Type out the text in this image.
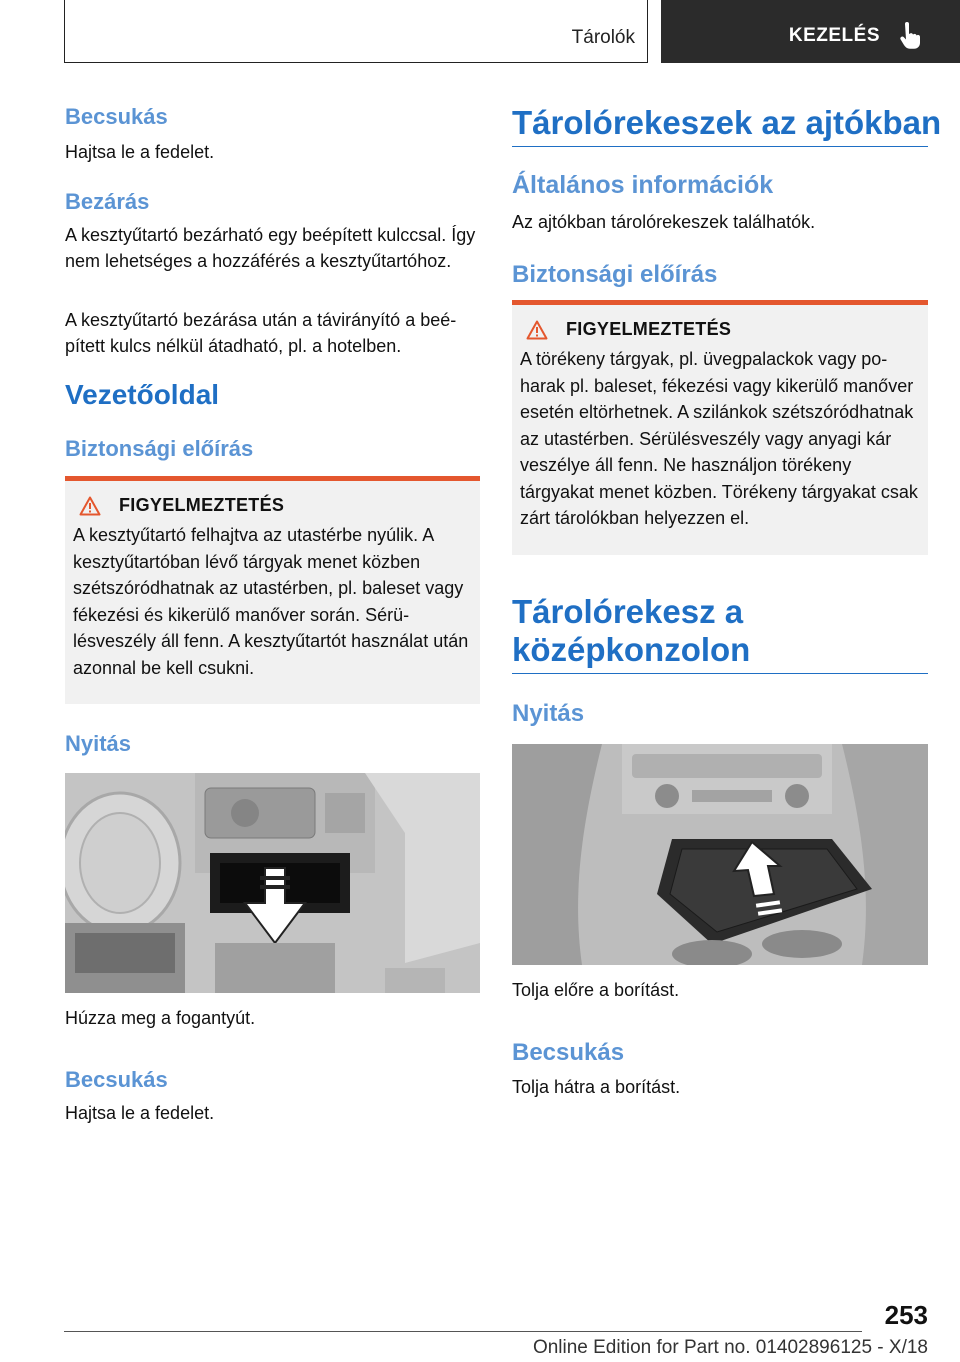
Tárolók	KEZELÉS
Becsukás

Hajtsa le a fedelet.

Bezárás

A kesztyűtartó bezárható egy beépített kulccsal. Így nem lehetséges a hozzáférés a kesztyűtartóhoz.

A kesztyűtartó bezárása után a távirányító a beépített kulcs nélkül átadható, pl. a hotelben.

Vezetőoldal
Biztonsági előírás
FIGYELMEZTETÉS

A kesztyűtartó felhajtva az utastérbe nyúlik. A kesztyűtartóban lévő tárgyak menet közben szétszóródhatnak az utastérben, pl. baleset vagy fékezési és kikerülő manőver során. Sérülésveszély áll fenn. A kesztyűtartót használat után azonnal be kell csukni.

Nyitás

Húzza meg a fogantyút.

Becsukás

Hajtsa le a fedelet.

Tárolórekeszek az ajtókban
Általános információk

Az ajtókban tárolórekeszek találhatók.

Biztonsági előírás
FIGYELMEZTETÉS

A törékeny tárgyak, pl. üvegpalackok vagy poharak pl. baleset, fékezési vagy kikerülő manőver esetén eltörhetnek. A szilánkok szétszóródhatnak az utastérben. Sérülésveszély vagy anyagi kár veszélye áll fenn. Ne használjon törékeny tárgyakat menet közben. Törékeny tárgyakat csak zárt tárolókban helyezzen el.

Tárolórekesz a
középkonzolon
Nyitás

Tolja előre a borítást.

Becsukás

Tolja hátra a borítást.

253
Online Edition for Part no. 01402896125 - X/18
